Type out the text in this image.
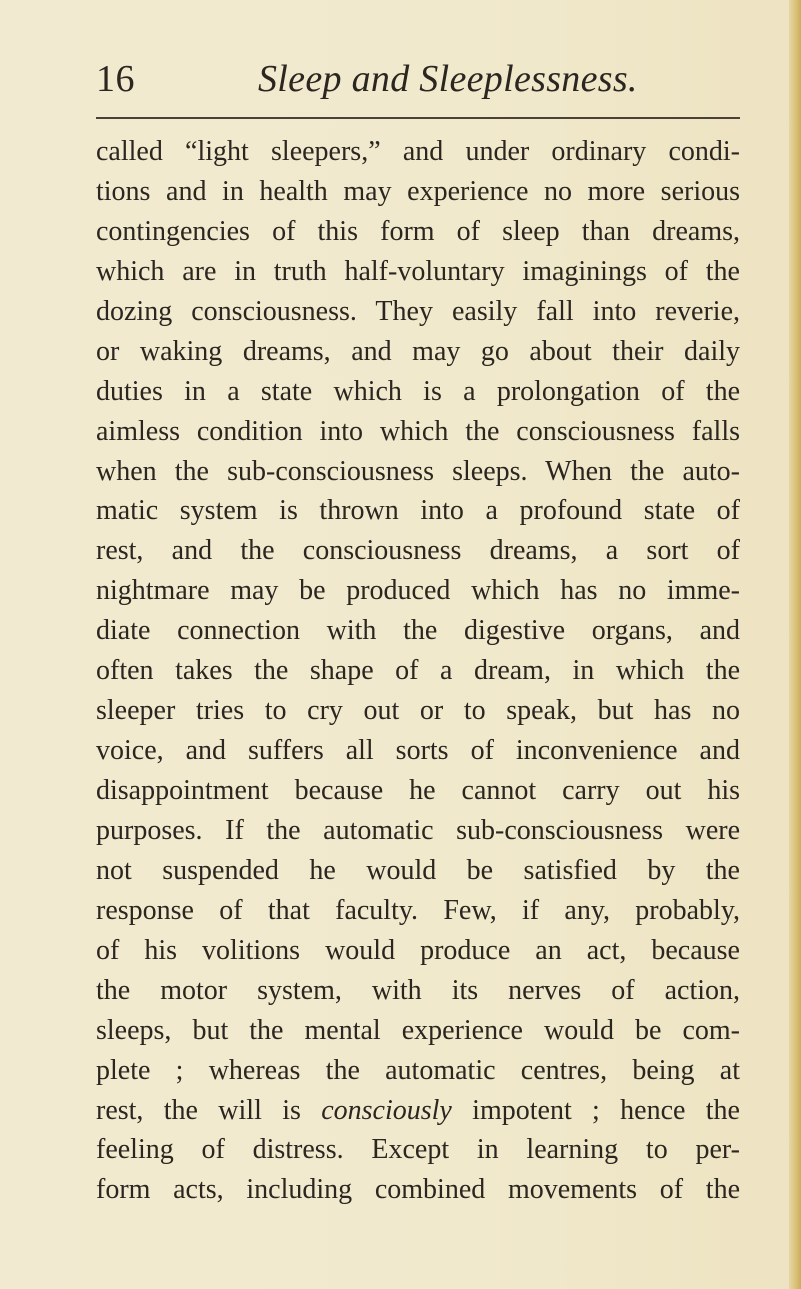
16	Sleep and Sleeplessness.
called “light sleepers,” and under ordinary condi-
tions and in health may experience no more serious
contingencies of this form of sleep than dreams,
which are in truth half-voluntary imaginings of the
dozing consciousness. They easily fall into reverie,
or waking dreams, and may go about their daily
duties in a state which is a prolongation of the
aimless condition into which the consciousness falls
when the sub-consciousness sleeps. When the auto-
matic system is thrown into a profound state of
rest, and the consciousness dreams, a sort of
nightmare may be produced which has no imme-
diate connection with the digestive organs, and
often takes the shape of a dream, in which the
sleeper tries to cry out or to speak, but has no
voice, and suffers all sorts of inconvenience and
disappointment because he cannot carry out his
purposes. If the automatic sub-consciousness were
not suspended he would be satisfied by the
response of that faculty. Few, if any, probably,
of his volitions would produce an act, because
the motor system, with its nerves of action,
sleeps, but the mental experience would be com-
plete ; whereas the automatic centres, being at
rest, the will is consciously impotent ; hence the
feeling of distress. Except in learning to per-
form acts, including combined movements of the
